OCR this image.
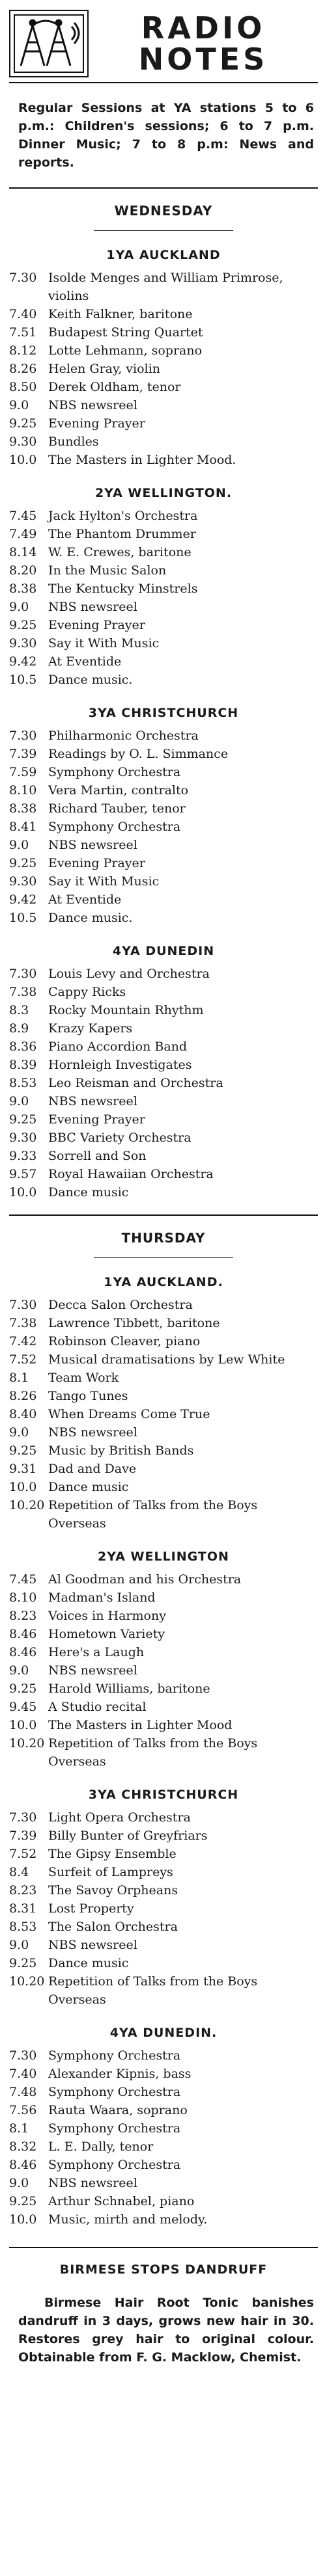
RADIO
NOTES
Regular Sessions at YA stations 5 to 6 p.m.: Children's sessions; 6 to 7 p.m. Dinner Music; 7 to 8 p.m: News and reports.
WEDNESDAY
1YA AUCKLAND
7.30 Isolde Menges and William Primrose, violins
7.40 Keith Falkner, baritone
7.51 Budapest String Quartet
8.12 Lotte Lehmann, soprano
8.26 Helen Gray, violin
8.50 Derek Oldham, tenor
9.0	NBS newsreel
9.25 Evening Prayer
9.30 Bundles
10.0 The Masters in Lighter Mood.
2YA WELLINGTON.
7.45 Jack Hylton's Orchestra
7.49 The Phantom Drummer
8.14 W. E. Crewes, baritone
8.20 In the Music Salon
8.38 The Kentucky Minstrels
9.0	NBS newsreel
9.25 Evening Prayer
9.30 Say it With Music
9.42 At Eventide
10.5 Dance music.
3YA CHRISTCHURCH
7.30 Philharmonic Orchestra
7.39 Readings by O. L. Simmance
7.59 Symphony Orchestra
8.10 Vera Martin, contralto
8.38 Richard Tauber, tenor
8.41 Symphony Orchestra
9.0	NBS newsreel
9.25 Evening Prayer
9.30 Say it With Music
9.42 At Eventide
10.5 Dance music.
4YA DUNEDIN
7.30 Louis Levy and Orchestra
7.38 Cappy Ricks
8.3	Rocky Mountain Rhythm
8.9	Krazy Kapers
8.36 Piano Accordion Band
8.39 Hornleigh Investigates
8.53 Leo Reisman and Orchestra
9.0	NBS newsreel
9.25 Evening Prayer
9.30 BBC Variety Orchestra
9.33 Sorrell and Son
9.57 Royal Hawaiian Orchestra
10.0 Dance music
THURSDAY
1YA AUCKLAND.
7.30 Decca Salon Orchestra
7.38 Lawrence Tibbett, baritone
7.42 Robinson Cleaver, piano
7.52 Musical dramatisations by Lew White
8.1	Team Work
8.26 Tango Tunes
8.40 When Dreams Come True
9.0	NBS newsreel
9.25 Music by British Bands
9.31 Dad and Dave
10.0 Dance music
10.20 Repetition of Talks from the Boys Overseas
2YA WELLINGTON
7.45 Al Goodman and his Orchestra
8.10 Madman's Island
8.23 Voices in Harmony
8.46 Hometown Variety
8.46 Here's a Laugh
9.0	NBS newsreel
9.25 Harold Williams, baritone
9.45 A Studio recital
10.0 The Masters in Lighter Mood
10.20 Repetition of Talks from the Boys Overseas
3YA CHRISTCHURCH
7.30 Light Opera Orchestra
7.39 Billy Bunter of Greyfriars
7.52 The Gipsy Ensemble
8.4	Surfeit of Lampreys
8.23 The Savoy Orpheans
8.31 Lost Property
8.53 The Salon Orchestra
9.0	NBS newsreel
9.25 Dance music
10.20 Repetition of Talks from the Boys Overseas
4YA DUNEDIN.
7.30 Symphony Orchestra
7.40 Alexander Kipnis, bass
7.48 Symphony Orchestra
7.56 Rauta Waara, soprano
8.1	Symphony Orchestra
8.32 L. E. Dally, tenor
8.46 Symphony Orchestra
9.0	NBS newsreel
9.25 Arthur Schnabel, piano
10.0 Music, mirth and melody.
BIRMESE STOPS DANDRUFF
Birmese Hair Root Tonic banishes dandruff in 3 days, grows new hair in 30. Restores grey hair to original colour. Obtainable from F. G. Macklow, Chemist.
